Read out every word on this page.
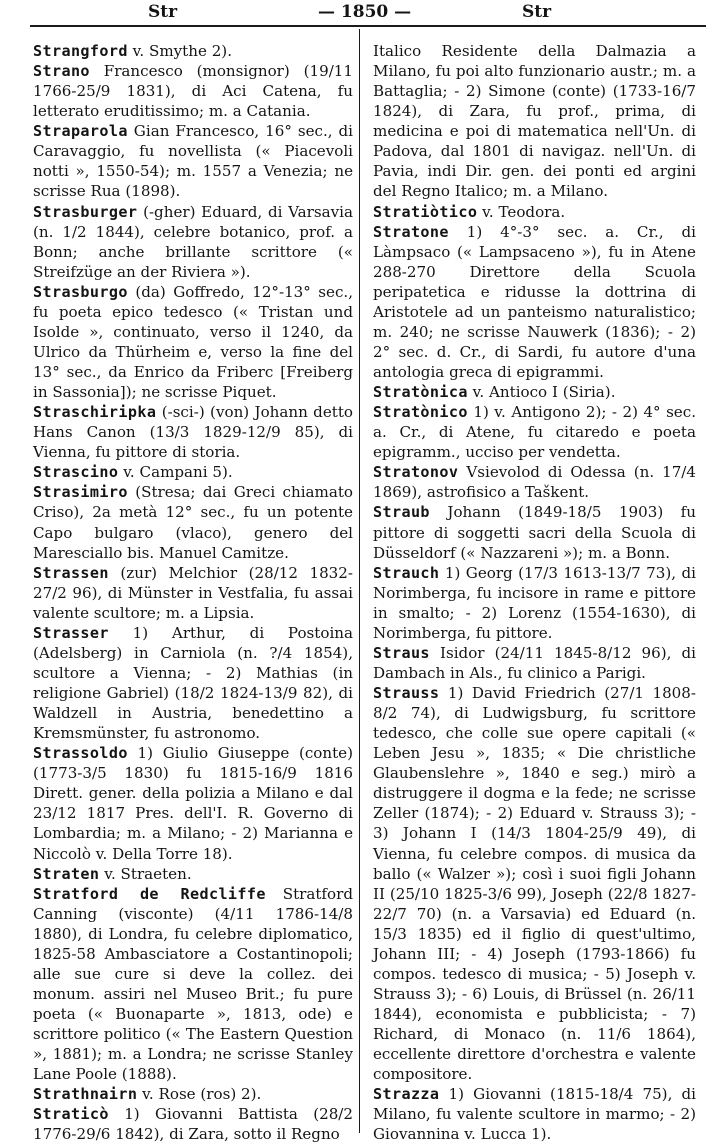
Str	— 1850 —	Str

Strangford v. Smythe 2).

Strano Francesco (monsignor) (19/11 1766-25/9 1831), di Aci Catena, fu letterato eruditissimo; m. a Catania.

Straparola Gian Francesco, 16° sec., di Caravaggio, fu novellista (« Piacevoli notti », 1550-54); m. 1557 a Venezia; ne scrisse Rua (1898).

Strasburger (-gher) Eduard, di Varsavia (n. 1/2 1844), celebre botanico, prof. a Bonn; anche brillante scrittore (« Streifzüge an der Riviera »).

Strasburgo (da) Goffredo, 12°-13° sec., fu poeta epico tedesco (« Tristan und Isolde », continuato, verso il 1240, da Ulrico da Thürheim e, verso la fine del 13° sec., da Enrico da Friberc [Freiberg in Sassonia]); ne scrisse Piquet.

Straschiripka (-sci-) (von) Johann detto Hans Canon (13/3 1829-12/9 85), di Vienna, fu pittore di storia.

Strascino v. Campani 5).

Strasimiro (Stresa; dai Greci chiamato Criso), 2a metà 12° sec., fu un potente Capo bulgaro (vlaco), genero del Maresciallo bis. Manuel Camitze.

Strassen (zur) Melchior (28/12 1832-27/2 96), di Münster in Vestfalia, fu assai valente scultore; m. a Lipsia.

Strasser 1) Arthur, di Postoina (Adelsberg) in Carniola (n. ?/4 1854), scultore a Vienna; - 2) Mathias (in religione Gabriel) (18/2 1824-13/9 82), di Waldzell in Austria, benedettino a Kremsmünster, fu astronomo.

Strassoldo 1) Giulio Giuseppe (conte) (1773-3/5 1830) fu 1815-16/9 1816 Dirett. gener. della polizia a Milano e dal 23/12 1817 Pres. dell'I. R. Governo di Lombardia; m. a Milano; - 2) Marianna e Niccolò v. Della Torre 18).

Straten v. Straeten.

Stratford de Redcliffe Stratford Canning (visconte) (4/11 1786-14/8 1880), di Londra, fu celebre diplomatico, 1825-58 Ambasciatore a Costantinopoli; alle sue cure si deve la collez. dei monum. assiri nel Museo Brit.; fu pure poeta (« Buonaparte », 1813, ode) e scrittore politico (« The Eastern Question », 1881); m. a Londra; ne scrisse Stanley Lane Poole (1888).

Strathnairn v. Rose (ros) 2).

Straticò 1) Giovanni Battista (28/2 1776-29/6 1842), di Zara, sotto il Regno

Italico Residente della Dalmazia a Milano, fu poi alto funzionario austr.; m. a Battaglia; - 2) Simone (conte) (1733-16/7 1824), di Zara, fu prof., prima, di medicina e poi di matematica nell'Un. di Padova, dal 1801 di navigaz. nell'Un. di Pavia, indi Dir. gen. dei ponti ed argini del Regno Italico; m. a Milano.

Stratiòtico v. Teodora.

Stratone 1) 4°-3° sec. a. Cr., di Làmpsaco (« Lampsaceno »), fu in Atene 288-270 Direttore della Scuola peripatetica e ridusse la dottrina di Aristotele ad un panteismo naturalistico; m. 240; ne scrisse Nauwerk (1836); - 2) 2° sec. d. Cr., di Sardi, fu autore d'una antologia greca di epigrammi.

Stratònica v. Antioco I (Siria).

Stratònico 1) v. Antigono 2); - 2) 4° sec. a. Cr., di Atene, fu citaredo e poeta epigramm., ucciso per vendetta.

Stratonov Vsievolod di Odessa (n. 17/4 1869), astrofisico a Taškent.

Straub Johann (1849-18/5 1903) fu pittore di soggetti sacri della Scuola di Düsseldorf (« Nazzareni »); m. a Bonn.

Strauch 1) Georg (17/3 1613-13/7 73), di Norimberga, fu incisore in rame e pittore in smalto; - 2) Lorenz (1554-1630), di Norimberga, fu pittore.

Straus Isidor (24/11 1845-8/12 96), di Dambach in Als., fu clinico a Parigi.

Strauss 1) David Friedrich (27/1 1808-8/2 74), di Ludwigsburg, fu scrittore tedesco, che colle sue opere capitali (« Leben Jesu », 1835; « Die christliche Glaubenslehre », 1840 e seg.) mirò a distruggere il dogma e la fede; ne scrisse Zeller (1874); - 2) Eduard v. Strauss 3); - 3) Johann I (14/3 1804-25/9 49), di Vienna, fu celebre compos. di musica da ballo (« Walzer »); così i suoi figli Johann II (25/10 1825-3/6 99), Joseph (22/8 1827-22/7 70) (n. a Varsavia) ed Eduard (n. 15/3 1835) ed il figlio di quest'ultimo, Johann III; - 4) Joseph (1793-1866) fu compos. tedesco di musica; - 5) Joseph v. Strauss 3); - 6) Louis, di Brüssel (n. 26/11 1844), economista e pubblicista; - 7) Richard, di Monaco (n. 11/6 1864), eccellente direttore d'orchestra e valente compositore.

Strazza 1) Giovanni (1815-18/4 75), di Milano, fu valente scultore in marmo; - 2) Giovannina v. Lucca 1).
